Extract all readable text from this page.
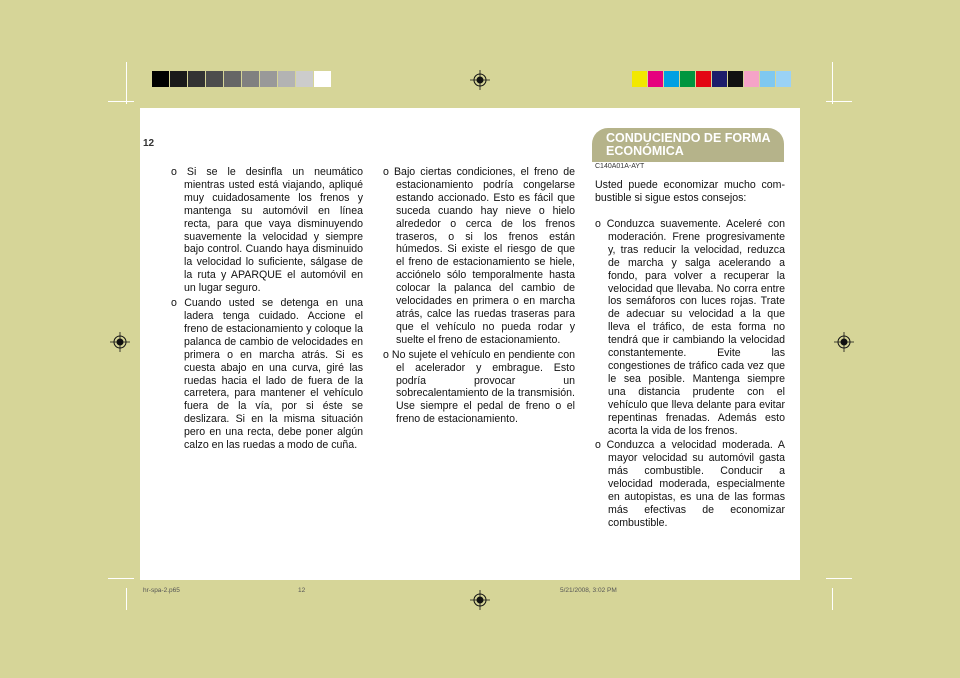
2 CONDUCIENDO SU HYUNDAI
12	CONDUCIENDO DE FORMA ECONÓMICA
C140A01A-AYT
Usted puede economizar mucho com-bustible si sigue estos consejos:

o Si se le desinfla un neumático mientras usted está viajando, apliqué muy cuidadosamente los frenos y mantenga su automóvil en línea recta, para que vaya disminuyendo suavemente la velocidad y siempre bajo control. Cuando haya disminuido la velocidad lo suficiente, sálgase de la ruta y APARQUE el automóvil en un lugar seguro.

o Cuando usted se detenga en una ladera tenga cuidado. Accione el freno de estacionamiento y coloque la palanca de cambio de velocidades en primera o en marcha atrás. Si es cuesta abajo en una curva, giré las ruedas hacia el lado de fuera de la carretera, para mantener el vehículo fuera de la vía, por si éste se deslizara. Si en la misma situación pero en una recta, debe poner algún calzo en las ruedas a modo de cuña.

o Bajo ciertas condiciones, el freno de estacionamiento podría congelarse estando accionado. Esto es fácil que suceda cuando hay nieve o hielo alrededor o cerca de los frenos traseros, o si los frenos están húmedos. Si existe el riesgo de que el freno de estacionamiento se hiele, acciónelo sólo temporalmente hasta colocar la palanca del cambio de velocidades en primera o en marcha atrás, calce las ruedas traseras para que el vehículo no pueda rodar y suelte el freno de estacionamiento.

o No sujete el vehículo en pendiente con el acelerador y embrague. Esto podría provocar un sobrecalentamiento de la transmisión. Use siempre el pedal de freno o el freno de estacionamiento.

o Conduzca suavemente. Aceleré con moderación. Frene progresivamente y, tras reducir la velocidad, reduzca de marcha y salga acelerando a fondo, para volver a recuperar la velocidad que llevaba. No corra entre los semáforos con luces rojas. Trate de adecuar su velocidad a la que lleva el tráfico, de esta forma no tendrá que ir cambiando la velocidad constantemente. Evite las congestiones de tráfico cada vez que le sea posible. Mantenga siempre una distancia prudente con el vehículo que lleva delante para evitar repentinas frenadas. Además esto acorta la vida de los frenos.

o Conduzca a velocidad moderada. A mayor velocidad su automóvil gasta más combustible. Conducir a velocidad moderada, especialmente en autopistas, es una de las formas más efectivas de economizar combustible.

hr-spa-2.p65	12	5/21/2008, 3:02 PM
